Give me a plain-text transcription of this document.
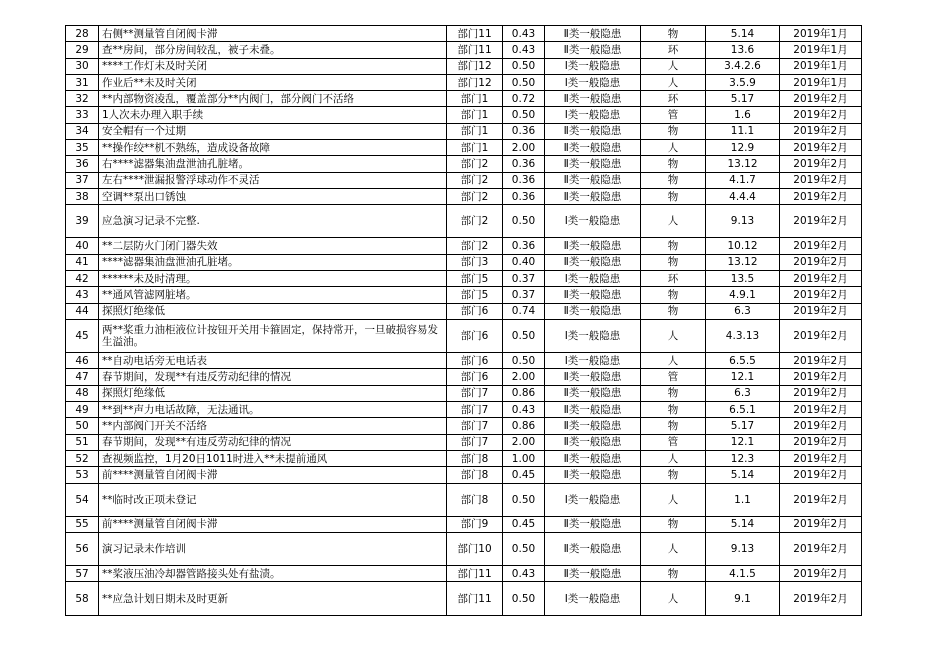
28	右侧**测量管自闭阀卡滞	部门11	0.43	Ⅱ类一般隐患	物	5.14	2019年1月
29	查**房间，部分房间较乱，被子未叠。	部门11	0.43	Ⅱ类一般隐患	环	13.6	2019年1月
30	****工作灯未及时关闭	部门12	0.50	Ⅰ类一般隐患	人	3.4.2.6	2019年1月
31	作业后**未及时关闭	部门12	0.50	Ⅰ类一般隐患	人	3.5.9	2019年1月
32	**内部物资凌乱，覆盖部分**内阀门，部分阀门不活络	部门1	0.72	Ⅱ类一般隐患	环	5.17	2019年2月
33	1人次未办理入职手续	部门1	0.50	Ⅰ类一般隐患	管	1.6	2019年2月
34	安全帽有一个过期	部门1	0.36	Ⅱ类一般隐患	物	11.1	2019年2月
35	**操作绞**机不熟练，造成设备故障	部门1	2.00	Ⅱ类一般隐患	人	12.9	2019年2月
36	右****滤器集油盘泄油孔脏堵。	部门2	0.36	Ⅱ类一般隐患	物	13.12	2019年2月
37	左右****泄漏报警浮球动作不灵活	部门2	0.36	Ⅱ类一般隐患	物	4.1.7	2019年2月
38	空调**泵出口锈蚀	部门2	0.36	Ⅱ类一般隐患	物	4.4.4	2019年2月
39	应急演习记录不完整.	部门2	0.50	Ⅰ类一般隐患	人	9.13	2019年2月
40	**二层防火门闭门器失效	部门2	0.36	Ⅱ类一般隐患	物	10.12	2019年2月
41	****滤器集油盘泄油孔脏堵。	部门3	0.40	Ⅱ类一般隐患	物	13.12	2019年2月
42	******未及时清理。	部门5	0.37	Ⅰ类一般隐患	环	13.5	2019年2月
43	**通风管滤网脏堵。	部门5	0.37	Ⅱ类一般隐患	物	4.9.1	2019年2月
44	探照灯绝缘低	部门6	0.74	Ⅱ类一般隐患	物	6.3	2019年2月
45	两**桨重力油柜液位计按钮开关用卡箍固定，保持常开，一旦破损容易发生溢油。	部门6	0.50	Ⅰ类一般隐患	人	4.3.13	2019年2月
46	**自动电话旁无电话表	部门6	0.50	Ⅰ类一般隐患	人	6.5.5	2019年2月
47	春节期间，发现**有违反劳动纪律的情况	部门6	2.00	Ⅱ类一般隐患	管	12.1	2019年2月
48	探照灯绝缘低	部门7	0.86	Ⅱ类一般隐患	物	6.3	2019年2月
49	**到**声力电话故障，无法通讯。	部门7	0.43	Ⅱ类一般隐患	物	6.5.1	2019年2月
50	**内部阀门开关不活络	部门7	0.86	Ⅱ类一般隐患	物	5.17	2019年2月
51	春节期间，发现**有违反劳动纪律的情况	部门7	2.00	Ⅱ类一般隐患	管	12.1	2019年2月
52	查视频监控，1月20日1011时进入**未提前通风	部门8	1.00	Ⅱ类一般隐患	人	12.3	2019年2月
53	前****测量管自闭阀卡滞	部门8	0.45	Ⅱ类一般隐患	物	5.14	2019年2月
54	**临时改正项未登记	部门8	0.50	Ⅰ类一般隐患	人	1.1	2019年2月
55	前****测量管自闭阀卡滞	部门9	0.45	Ⅱ类一般隐患	物	5.14	2019年2月
56	演习记录未作培训	部门10	0.50	Ⅱ类一般隐患	人	9.13	2019年2月
57	**桨液压油冷却器管路接头处有盐渍。	部门11	0.43	Ⅱ类一般隐患	物	4.1.5	2019年2月
58	**应急计划日期未及时更新	部门11	0.50	Ⅰ类一般隐患	人	9.1	2019年2月
